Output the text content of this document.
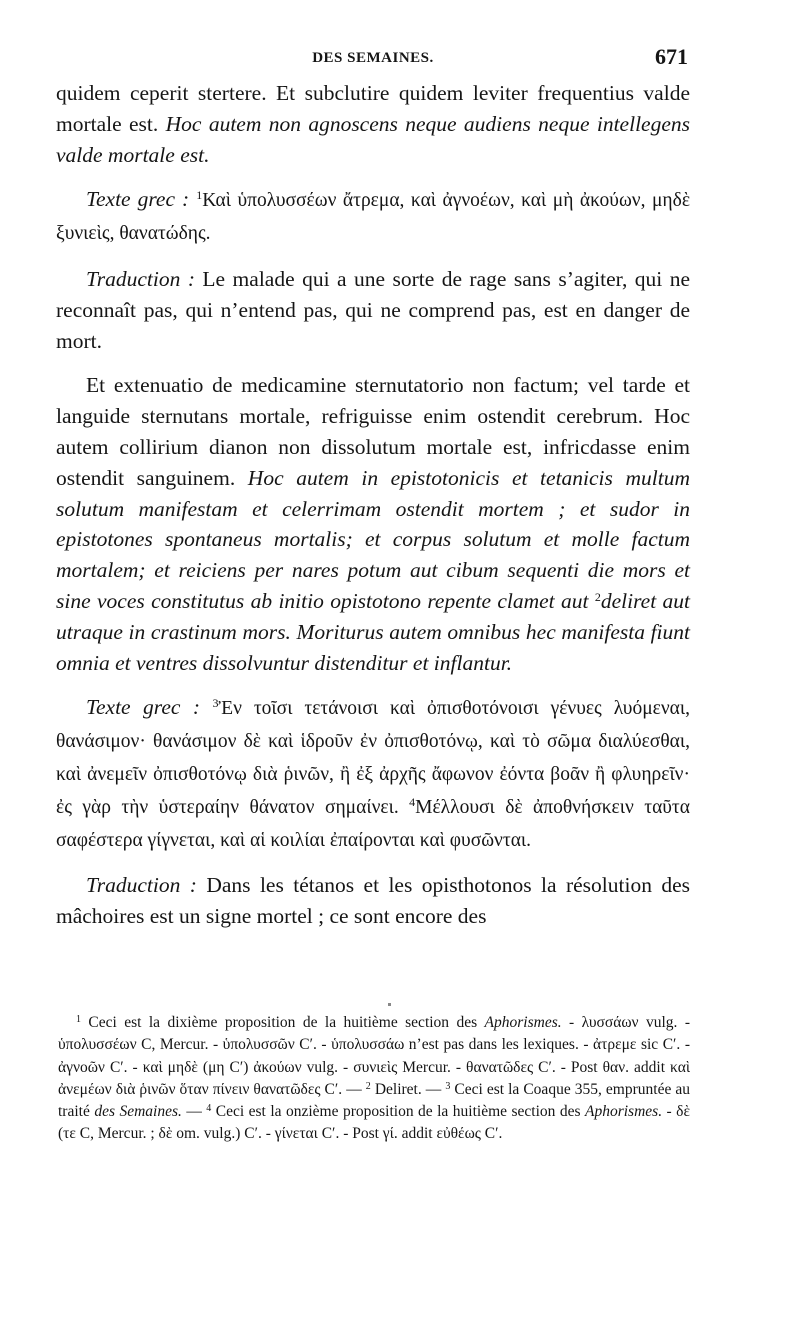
DES SEMAINES.	671

quidem ceperit stertere. Et subclutire quidem leviter frequentius valde mortale est. Hoc autem non agnoscens neque audiens neque intellegens valde mortale est.

Texte grec : $^1$Καὶ ὑπολυσσέων ἄτρεμα, καὶ ἀγνοέων, καὶ μὴ ἀκούων, μηδὲ ξυνιεὶς, θανατώδης.

Traduction : Le malade qui a une sorte de rage sans s’agiter, qui ne reconnaît pas, qui n’entend pas, qui ne comprend pas, est en danger de mort.

Et extenuatio de medicamine sternutatorio non factum; vel tarde et languide sternutans mortale, refriguisse enim ostendit cerebrum. Hoc autem collirium dianon non dissolutum mortale est, infricdasse enim ostendit sanguinem. Hoc autem in epistotonicis et tetanicis multum solutum manifestam et celerrimam ostendit mortem ; et sudor in epistotones spontaneus mortalis; et corpus solutum et molle factum mortalem; et reiciens per nares potum aut cibum sequenti die mors et sine voces constitutus ab initio opistotono repente clamet aut $^2$deliret aut utraque in crastinum mors. Moriturus autem omnibus hec manifesta fiunt omnia et ventres dissolvuntur distenditur et inflantur.

Texte grec : $^3$Ἐν τοῖσι τετάνοισι καὶ ὀπισθοτόνοισι γένυες λυόμεναι, θανάσιμον· θανάσιμον δὲ καὶ ἱδροῦν ἐν ὀπισθοτόνῳ, καὶ τὸ σῶμα διαλύεσθαι, καὶ ἀνεμεῖν ὀπισθοτόνῳ διὰ ῥινῶν, ἢ ἐξ ἀρχῆς ἄφωνον ἐόντα βοᾶν ἢ φλυηρεῖν· ἐς γὰρ τὴν ὑστεραίην θάνατον σημαίνει. $^4$Μέλλουσι δὲ ἀποθνήσκειν ταῦτα σαφέστερα γίγνεται, καὶ αἱ κοιλίαι ἐπαίρονται καὶ φυσῶνται.

Traduction : Dans les tétanos et les opisthotonos la résolution des mâchoires est un signe mortel ; ce sont encore des

$^1$ Ceci est la dixième proposition de la huitième section des Aphorismes. - λυσσάων vulg. - ὑπολυσσέων C, Mercur. - ὑπολυσσῶν C′. - ὑπολυσσάω n’est pas dans les lexiques. - ἀτρεμε sic C′. - ἀγνοῶν C′. - καὶ μηδὲ (μη C′) ἀκούων vulg. - συνιεὶς Mercur. - θανατῶδες C′. - Post θαν. addit καὶ ἀνεμέων διὰ ῥινῶν ὅταν πίνειν θανατῶδες C′. — $^2$ Deliret. — $^3$ Ceci est la Coaque 355, empruntée au traité des Semaines. — $^4$ Ceci est la onzième proposition de la huitième section des Aphorismes. - δὲ (τε C, Mercur. ; δὲ om. vulg.) C′. - γίνεται C′. - Post γί. addit εὐθέως C′.
